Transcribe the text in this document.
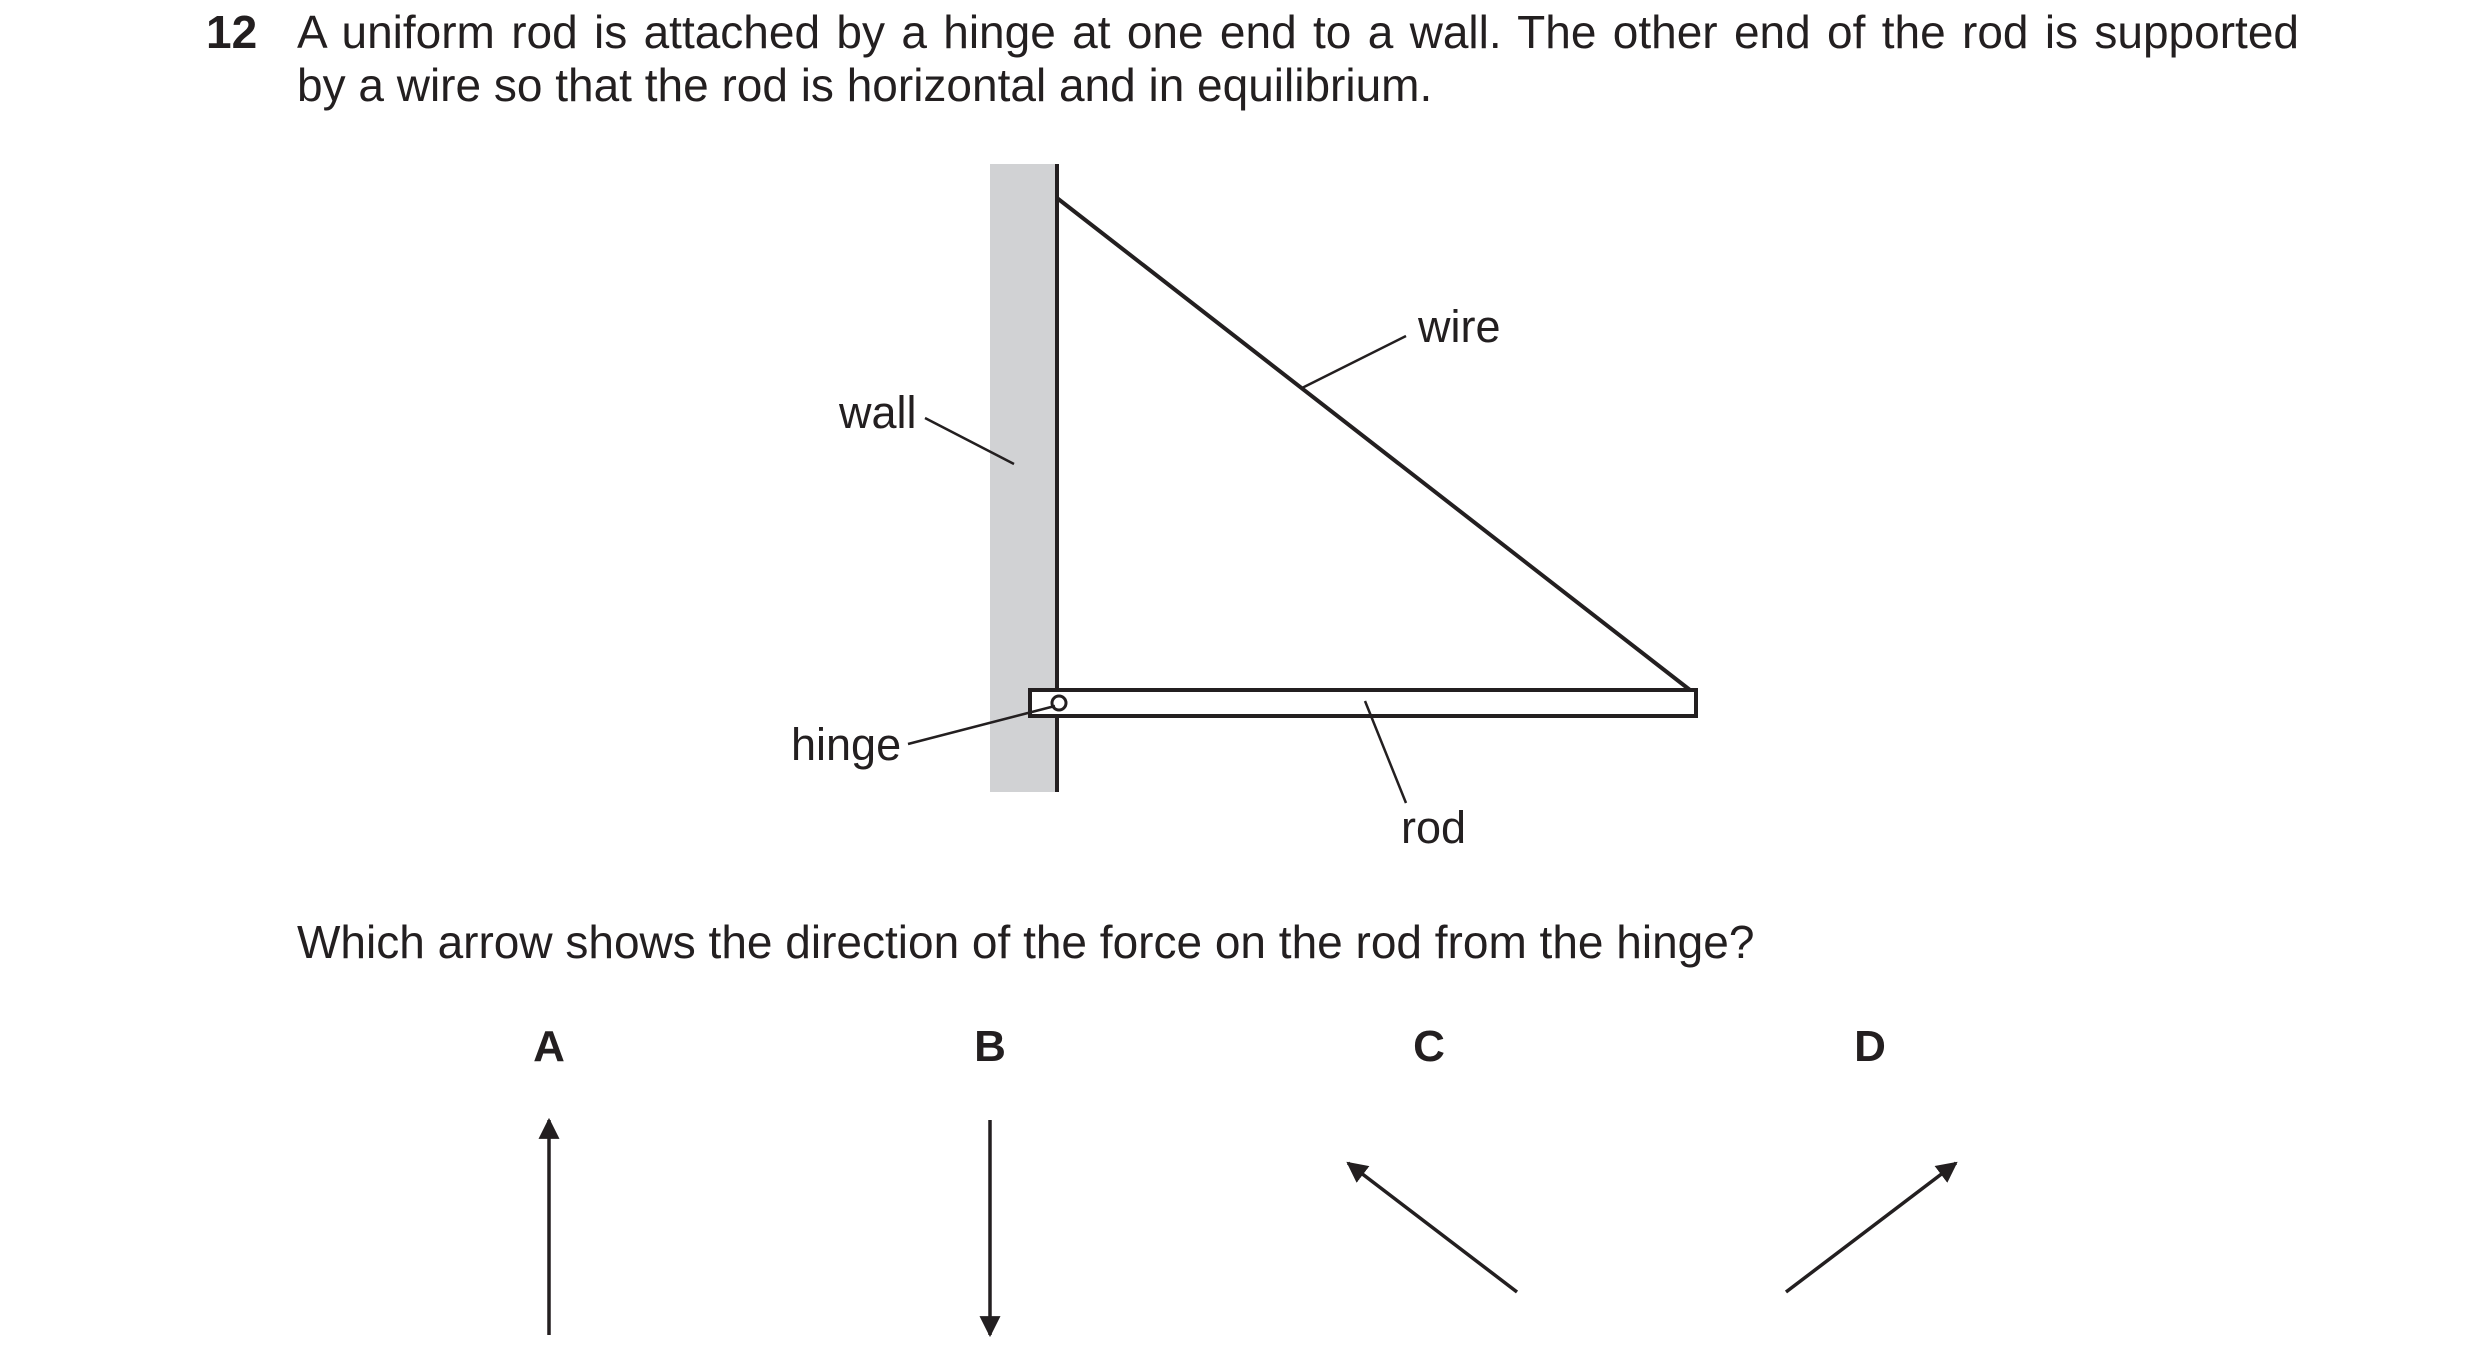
12 A uniform rod is attached by a hinge at one end to a wall. The other end of the rod is supported
by a wire so that the rod is horizontal and in equilibrium.
wire
wall
hinge
rod
A	B	C	D
Which arrow shows the direction of the force on the rod from the hinge?
